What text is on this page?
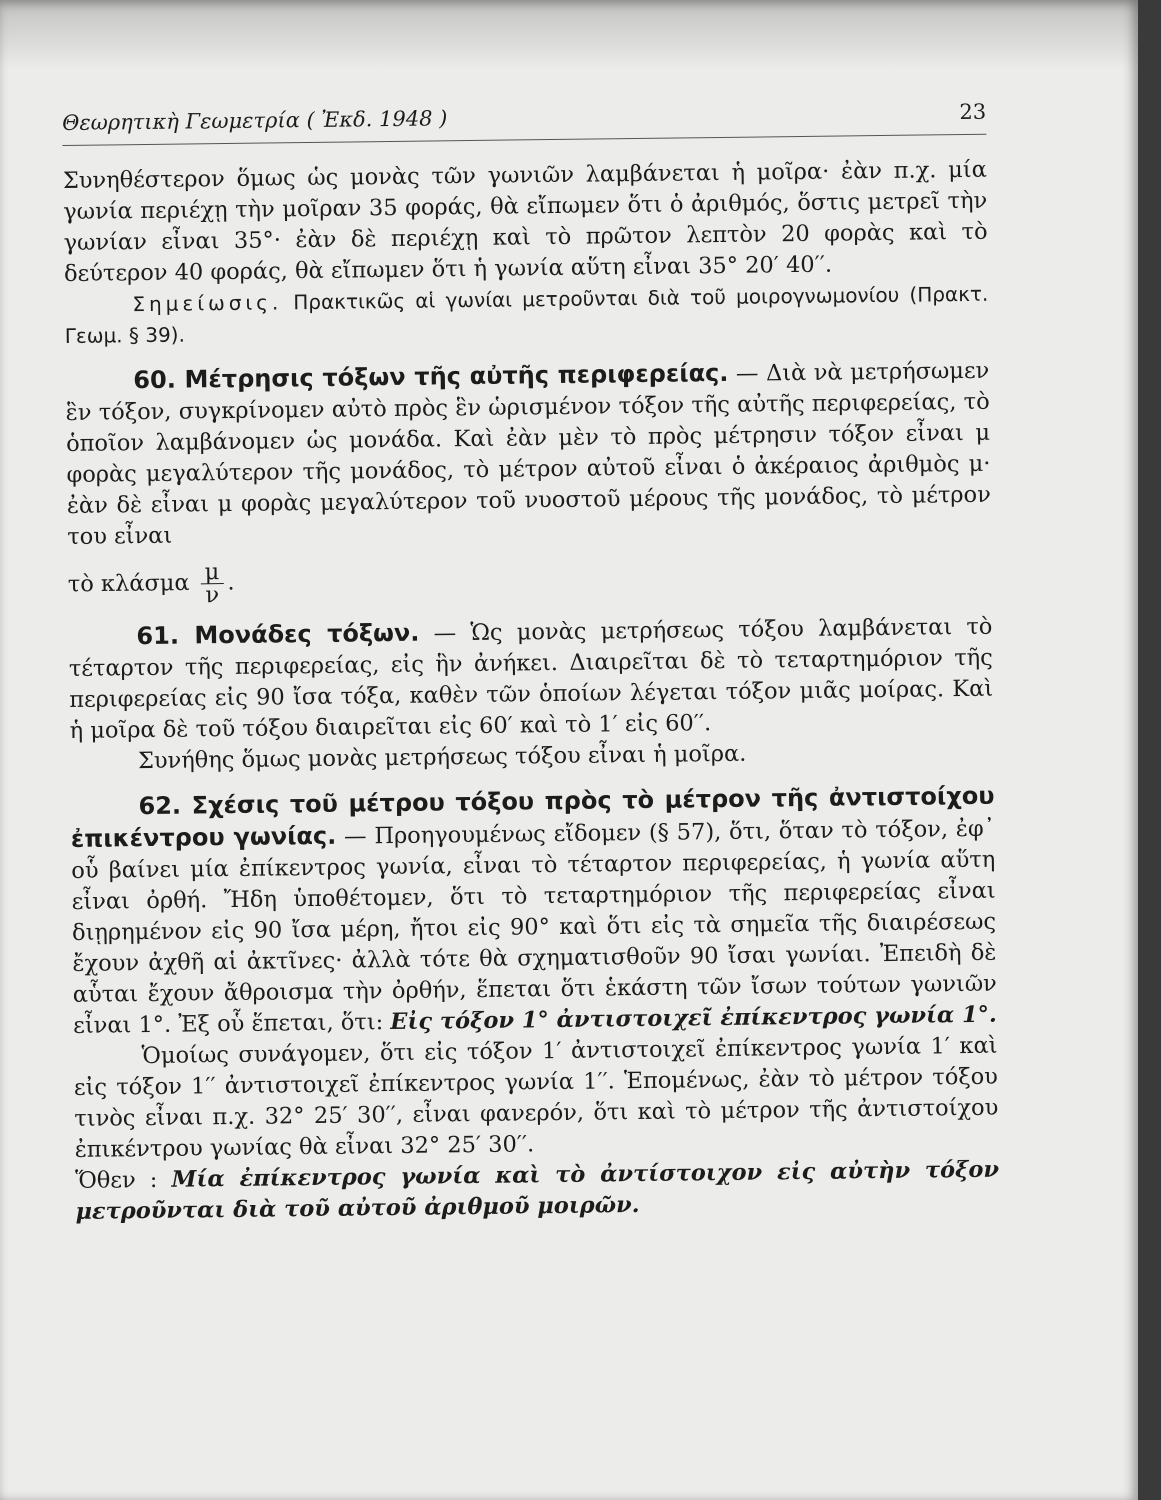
Θεωρητικὴ Γεωμετρία ( Ἐκδ. 1948 )	23

Συνηθέστερον ὅμως ὡς μονὰς τῶν γωνιῶν λαμβάνεται ἡ μοῖρα· ἐὰν π.χ. μία γωνία περιέχῃ τὴν μοῖραν 35 φοράς, θὰ εἴπωμεν ὅτι ὁ ἀριθμός, ὅστις μετρεῖ τὴν γωνίαν εἶναι 35°· ἐὰν δὲ περιέχῃ καὶ τὸ πρῶτον λεπτὸν 20 φορὰς καὶ τὸ δεύτερον 40 φοράς, θὰ εἴπωμεν ὅτι ἡ γωνία αὕτη εἶναι 35° 20′ 40′′.

Σημείωσις. Πρακτικῶς αἱ γωνίαι μετροῦνται διὰ τοῦ μοιρογνωμονίου (Πρακτ. Γεωμ. § 39).

60. Μέτρησις τόξων τῆς αὐτῆς περιφερείας. — Διὰ νὰ μετρήσωμεν ἓν τόξον, συγκρίνομεν αὐτὸ πρὸς ἓν ὡρισμένον τόξον τῆς αὐτῆς περιφερείας, τὸ ὁποῖον λαμβάνομεν ὡς μονάδα. Καὶ ἐὰν μὲν τὸ πρὸς μέτρησιν τόξον εἶναι μ φορὰς μεγαλύτερον τῆς μονάδος, τὸ μέτρον αὐτοῦ εἶναι ὁ ἀκέραιος ἀριθμὸς μ· ἐὰν δὲ εἶναι μ φορὰς μεγαλύτερον τοῦ νυοστοῦ μέρους τῆς μονάδος, τὸ μέτρον του εἶναι

τὸ κλάσμα $\frac{\mu}{\nu}$ .

61. Μονάδες τόξων. — Ὡς μονὰς μετρήσεως τόξου λαμβάνεται τὸ τέταρτον τῆς περιφερείας, εἰς ἣν ἀνήκει. Διαιρεῖται δὲ τὸ τεταρτημόριον τῆς περιφερείας εἰς 90 ἴσα τόξα, καθὲν τῶν ὁποίων λέγεται τόξον μιᾶς μοίρας. Καὶ ἡ μοῖρα δὲ τοῦ τόξου διαιρεῖται εἰς 60′ καὶ τὸ 1′ εἰς 60′′.

Συνήθης ὅμως μονὰς μετρήσεως τόξου εἶναι ἡ μοῖρα.

62. Σχέσις τοῦ μέτρου τόξου πρὸς τὸ μέτρον τῆς ἀντιστοίχου ἐπικέντρου γωνίας. — Προηγουμένως εἴδομεν (§ 57), ὅτι, ὅταν τὸ τόξον, ἐφ᾽ οὗ βαίνει μία ἐπίκεντρος γωνία, εἶναι τὸ τέταρτον περιφερείας, ἡ γωνία αὕτη εἶναι ὀρθή. Ἤδη ὑποθέτομεν, ὅτι τὸ τεταρτημόριον τῆς περιφερείας εἶναι διῃρημένον εἰς 90 ἴσα μέρη, ἤτοι εἰς 90° καὶ ὅτι εἰς τὰ σημεῖα τῆς διαιρέσεως ἔχουν ἀχθῆ αἱ ἀκτῖνες· ἀλλὰ τότε θὰ σχηματισθοῦν 90 ἴσαι γωνίαι. Ἐπειδὴ δὲ αὗται ἔχουν ἄθροισμα τὴν ὀρθήν, ἕπεται ὅτι ἑκάστη τῶν ἴσων τούτων γωνιῶν εἶναι 1°. Ἐξ οὗ ἕπεται, ὅτι: Εἰς τόξον 1° ἀντιστοιχεῖ ἐπίκεντρος γωνία 1°.

Ὁμοίως συνάγομεν, ὅτι εἰς τόξον 1′ ἀντιστοιχεῖ ἐπίκεντρος γωνία 1′ καὶ εἰς τόξον 1′′ ἀντιστοιχεῖ ἐπίκεντρος γωνία 1′′. Ἑπομένως, ἐὰν τὸ μέτρον τόξου τινὸς εἶναι π.χ. 32° 25′ 30′′, εἶναι φανερόν, ὅτι καὶ τὸ μέτρον τῆς ἀντιστοίχου ἐπικέντρου γωνίας θὰ εἶναι 32° 25′ 30′′.

Ὅθεν : Μία ἐπίκεντρος γωνία καὶ τὸ ἀντίστοιχον εἰς αὐτὴν τόξον μετροῦνται διὰ τοῦ αὐτοῦ ἀριθμοῦ μοιρῶν.
